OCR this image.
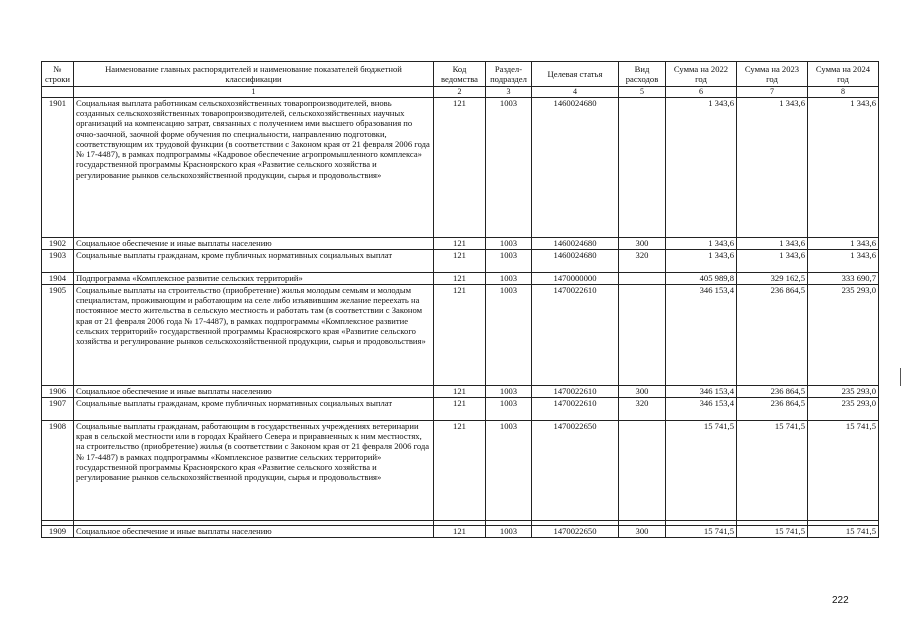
№ строки	Наименование главных распорядителей и наименование показателей бюджетной классификации	Код ведомства	Раздел-подраздел	Целевая статья	Вид расходов	Сумма на 2022 год	Сумма на 2023 год	Сумма на 2024 год
	1	2	3	4	5	6	7	8
1901	Социальная выплата работникам сельскохозяйственных товаропроизводителей, вновь созданных сельскохозяйственных товаропроизводителей, сельскохозяйственных научных организаций на компенсацию затрат, связанных с получением ими высшего образования по очно-заочной, заочной форме обучения по специальности, направлению подготовки, соответствующим их трудовой функции (в соответствии с Законом края от 21 февраля 2006 года № 17-4487), в рамках подпрограммы «Кадровое обеспечение агропромышленного комплекса» государственной программы Красноярского края «Развитие сельского хозяйства и регулирование рынков сельскохозяйственной продукции, сырья и продовольствия»	121	1003	1460024680		1 343,6	1 343,6	1 343,6
1902	Социальное обеспечение и иные выплаты населению	121	1003	1460024680	300	1 343,6	1 343,6	1 343,6
1903	Социальные выплаты гражданам, кроме публичных нормативных социальных выплат	121	1003	1460024680	320	1 343,6	1 343,6	1 343,6
1904	Подпрограмма «Комплексное развитие сельских территорий»	121	1003	1470000000		405 989,8	329 162,5	333 690,7
1905	Социальные выплаты на строительство (приобретение) жилья молодым семьям и молодым специалистам, проживающим и работающим на селе либо изъявившим желание переехать на постоянное место жительства в сельскую местность и работать там (в соответствии с Законом края от 21 февраля 2006 года № 17-4487), в рамках подпрограммы «Комплексное развитие сельских территорий» государственной программы Красноярского края «Развитие сельского хозяйства и регулирование рынков сельскохозяйственной продукции, сырья и продовольствия»	121	1003	1470022610		346 153,4	236 864,5	235 293,0
1906	Социальное обеспечение и иные выплаты населению	121	1003	1470022610	300	346 153,4	236 864,5	235 293,0
1907	Социальные выплаты гражданам, кроме публичных нормативных социальных выплат	121	1003	1470022610	320	346 153,4	236 864,5	235 293,0
1908	Социальные выплаты гражданам, работающим в государственных учреждениях ветеринарии края в сельской местности или в городах Крайнего Севера и приравненных к ним местностях, на строительство (приобретение) жилья (в соответствии с Законом края от 21 февраля 2006 года № 17-4487) в рамках подпрограммы «Комплексное развитие сельских территорий» государственной программы Красноярского края «Развитие сельского хозяйства и регулирование рынков сельскохозяйственной продукции, сырья и продовольствия»	121	1003	1470022650		15 741,5	15 741,5	15 741,5

1909	Социальное обеспечение и иные выплаты населению	121	1003	1470022650	300	15 741,5	15 741,5	15 741,5
222
